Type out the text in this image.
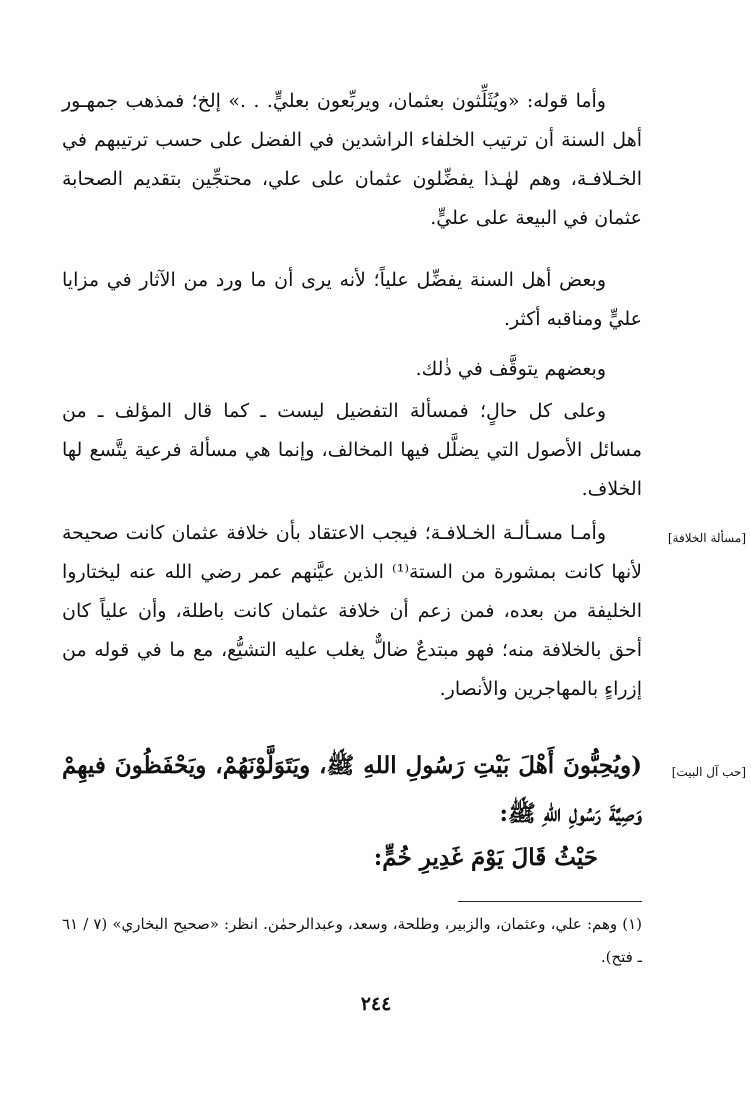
وأما قوله: «ويُثَلِّثون بعثمان، ويربِّعون بعليٍّ. . .» إلخ؛ فمذهب جمهـور أهل السنة أن ترتيب الخلفاء الراشدين في الفضل على حسب ترتيبهم في الخـلافـة، وهم لهٰـذا يفضِّلون عثمان على علي، محتجِّين بتقديم الصحابة عثمان في البيعة على عليٍّ.

وبعض أهل السنة يفضِّل علياً؛ لأنه يرى أن ما ورد من الآثار في مزايا عليٍّ ومناقبه أكثر.

وبعضهم يتوقَّف في ذٰلك.

وعلى كل حالٍ؛ فمسألة التفضيل ليست ـ كما قال المؤلف ـ من مسائل الأصول التي يضلَّل فيها المخالف، وإنما هي مسألة فرعية يتَّسع لها الخلاف.

[مسألة الخلافة]

وأمـا مسـألـة الخـلافـة؛ فيجب الاعتقاد بأن خلافة عثمان كانت صحيحة لأنها كانت بمشورة من الستة⁽¹⁾ الذين عيَّنهم عمر رضي الله عنه ليختاروا الخليفة من بعده، فمن زعم أن خلافة عثمان كانت باطلة، وأن علياً كان أحق بالخلافة منه؛ فهو مبتدعٌ ضالٌّ يغلب عليه التشيُّع، مع ما في قوله من إزراءٍ بالمهاجرين والأنصار.

[حب آل البيت]
(ويُحِبُّونَ أَهْلَ بَيْتِ رَسُولِ اللهِ ﷺ، ويَتَوَلَّوْنَهُمْ، ويَحْفَظُونَ فيهِمْ
وَصِيَّةَ رَسُولِ اللهِ ﷺ:
حَيْثُ قَالَ يَوْمَ غَدِيرِ خُمٍّ:

(١) وهم: علي، وعثمان، والزبير، وطلحة، وسعد، وعبدالرحمٰن. انظر: «صحيح البخاري» (٧ / ٦١ ـ فتح).

٢٤٤
